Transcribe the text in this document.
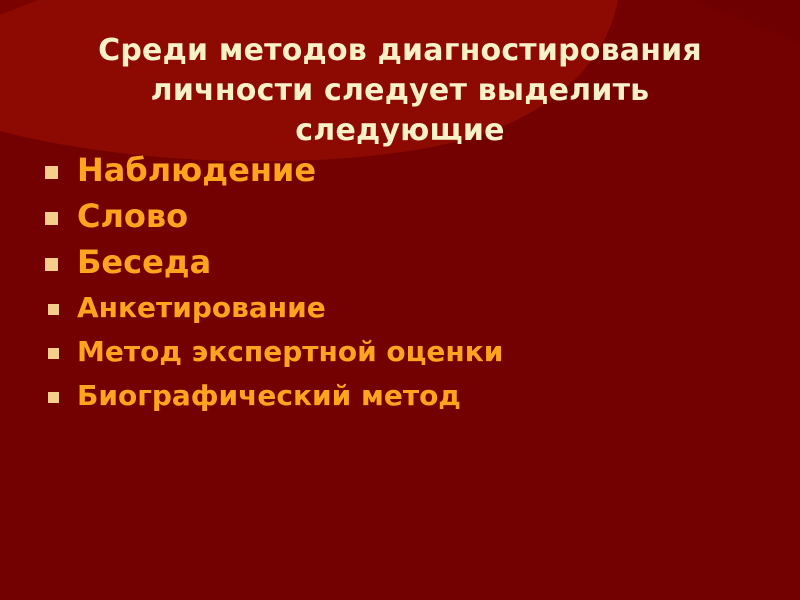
Среди методов диагностирования личности следует выделить следующие
Наблюдение
Слово
Беседа
Анкетирование
Метод экспертной оценки
Биографический метод
